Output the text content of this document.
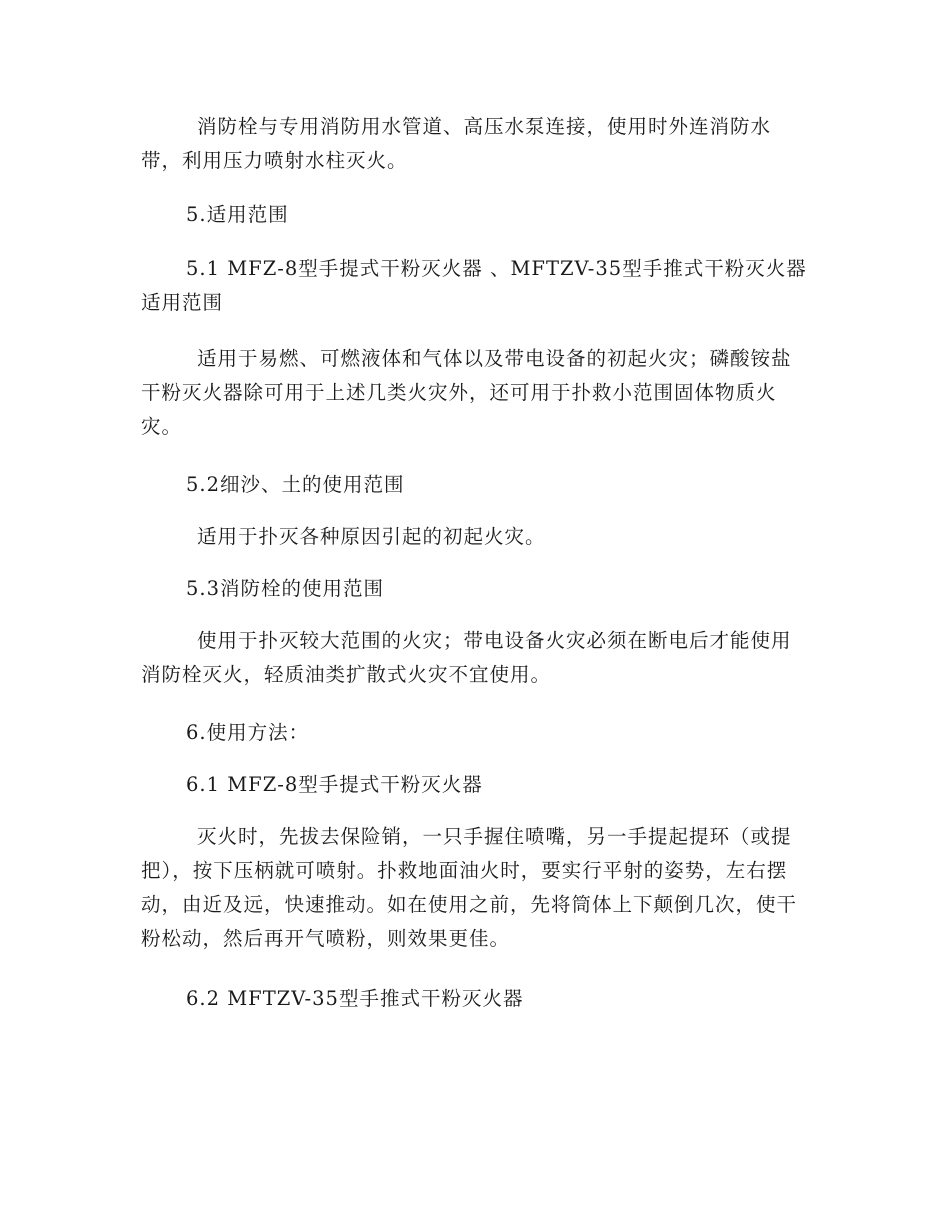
消防栓与专用消防用水管道、高压水泵连接，使用时外连消防水带，利用压力喷射水柱灭火。

5.适用范围

5.1 MFZ-8型手提式干粉灭火器 、MFTZV-35型手推式干粉灭火器适用范围

适用于易燃、可燃液体和气体以及带电设备的初起火灾；磷酸铵盐干粉灭火器除可用于上述几类火灾外，还可用于扑救小范围固体物质火灾。

5.2细沙、土的使用范围

适用于扑灭各种原因引起的初起火灾。

5.3消防栓的使用范围

使用于扑灭较大范围的火灾；带电设备火灾必须在断电后才能使用消防栓灭火，轻质油类扩散式火灾不宜使用。

6.使用方法：

6.1 MFZ-8型手提式干粉灭火器

灭火时，先拔去保险销，一只手握住喷嘴，另一手提起提环（或提把），按下压柄就可喷射。扑救地面油火时，要实行平射的姿势，左右摆动，由近及远，快速推动。如在使用之前，先将筒体上下颠倒几次，使干粉松动，然后再开气喷粉，则效果更佳。

6.2 MFTZV-35型手推式干粉灭火器
